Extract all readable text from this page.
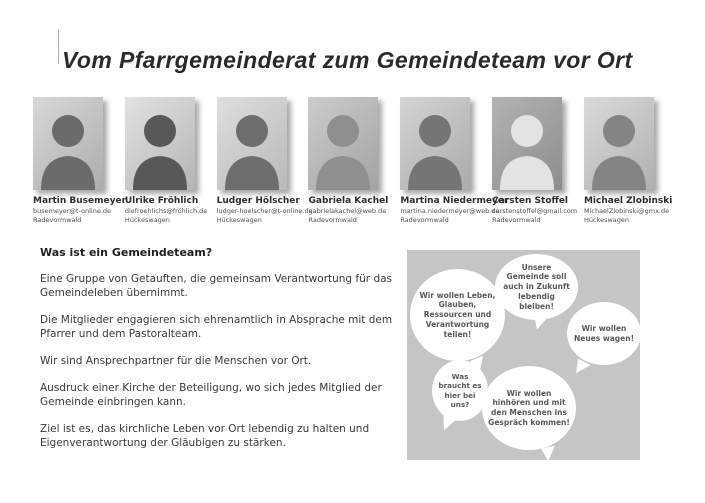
Vom Pfarrgemeinderat zum Gemeindeteam vor Ort
Martin Busemeyer
busemeyer@t-online.de
Radevormwald
Ulrike Fröhlich
diefroehlichs@fröhlich.de
Hückeswagen
Ludger Hölscher
ludger-hoelscher@t-online.de
Hückeswagen
Gabriela Kachel
gabrielakachel@web.de
Radevormwald
Martina Niedermeyer
martina.niedermeyer@web.de
Radevormwald
Carsten Stoffel
carstenstoffel@gmail.com
Radevormwald
Michael Zlobinski
MichaelZlobinski@gmx.de
Hückeswagen
Was ist ein Gemeindeteam?

Eine Gruppe von Getauften, die gemeinsam Verantwortung für das Gemeindeleben übernimmt.

Die Mitglieder engagieren sich ehrenamtlich in Absprache mit dem Pfarrer und dem Pastoralteam.

Wir sind Ansprechpartner für die Menschen vor Ort.

Ausdruck einer Kirche der Beteiligung, wo sich jedes Mitglied der Gemeinde einbringen kann.

Ziel ist es, das kirchliche Leben vor Ort lebendig zu halten und Eigenverantwortung der Gläubigen zu stärken.

Wir wollen Leben, Glauben, Ressourcen und Verantwortung teilen!
Unsere Gemeinde soll auch in Zukunft lebendig bleiben!
Wir wollen Neues wagen!
Was braucht es hier bei uns?
Wir wollen hinhören und mit den Menschen ins Gespräch kommen!
